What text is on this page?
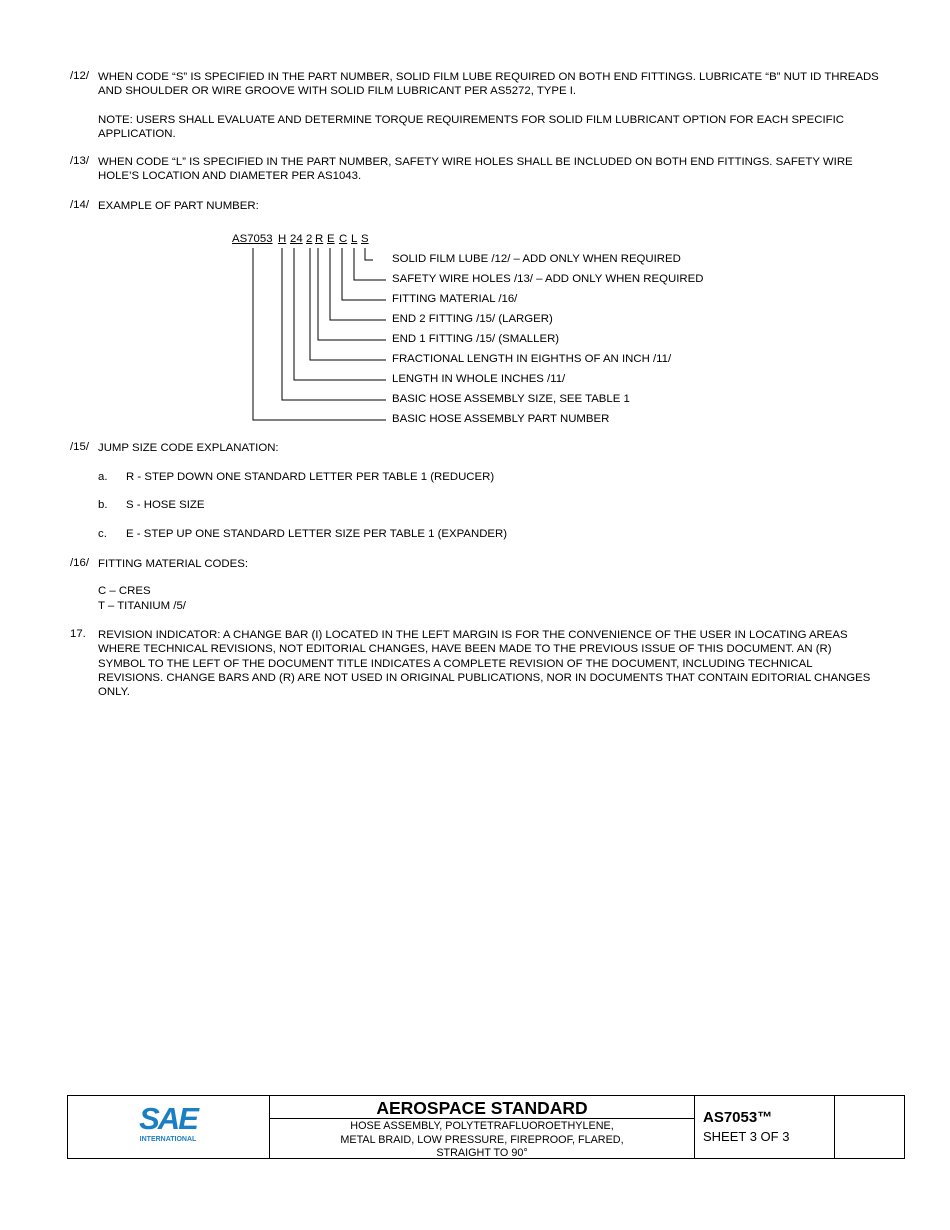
/12/ WHEN CODE “S” IS SPECIFIED IN THE PART NUMBER, SOLID FILM LUBE REQUIRED ON BOTH END FITTINGS. LUBRICATE “B” NUT ID THREADS AND SHOULDER OR WIRE GROOVE WITH SOLID FILM LUBRICANT PER AS5272, TYPE I.

NOTE: USERS SHALL EVALUATE AND DETERMINE TORQUE REQUIREMENTS FOR SOLID FILM LUBRICANT OPTION FOR EACH SPECIFIC APPLICATION.

/13/ WHEN CODE “L” IS SPECIFIED IN THE PART NUMBER, SAFETY WIRE HOLES SHALL BE INCLUDED ON BOTH END FITTINGS. SAFETY WIRE HOLE’S LOCATION AND DIAMETER PER AS1043.

/14/ EXAMPLE OF PART NUMBER:

AS7053 H 24 2 R E C L S
SOLID FILM LUBE /12/ – ADD ONLY WHEN REQUIRED
SAFETY WIRE HOLES /13/ – ADD ONLY WHEN REQUIRED
FITTING MATERIAL /16/
END 2 FITTING /15/ (LARGER)
END 1 FITTING /15/ (SMALLER)
FRACTIONAL LENGTH IN EIGHTHS OF AN INCH /11/
LENGTH IN WHOLE INCHES /11/
BASIC HOSE ASSEMBLY SIZE, SEE TABLE 1
BASIC HOSE ASSEMBLY PART NUMBER
/15/ JUMP SIZE CODE EXPLANATION:

a. R - STEP DOWN ONE STANDARD LETTER PER TABLE 1 (REDUCER)
b. S - HOSE SIZE
c. E - STEP UP ONE STANDARD LETTER SIZE PER TABLE 1 (EXPANDER)
/16/ FITTING MATERIAL CODES:

C – CRES
T – TITANIUM /5/
17. REVISION INDICATOR: A CHANGE BAR (I) LOCATED IN THE LEFT MARGIN IS FOR THE CONVENIENCE OF THE USER IN LOCATING AREAS WHERE TECHNICAL REVISIONS, NOT EDITORIAL CHANGES, HAVE BEEN MADE TO THE PREVIOUS ISSUE OF THIS DOCUMENT. AN (R) SYMBOL TO THE LEFT OF THE DOCUMENT TITLE INDICATES A COMPLETE REVISION OF THE DOCUMENT, INCLUDING TECHNICAL REVISIONS. CHANGE BARS AND (R) ARE NOT USED IN ORIGINAL PUBLICATIONS, NOR IN DOCUMENTS THAT CONTAIN EDITORIAL CHANGES ONLY.

SAE
INTERNATIONAL
AEROSPACE STANDARD
HOSE ASSEMBLY, POLYTETRAFLUOROETHYLENE,
METAL BRAID, LOW PRESSURE, FIREPROOF, FLARED,
STRAIGHT TO 90°
AS7053™
SHEET 3 OF 3
